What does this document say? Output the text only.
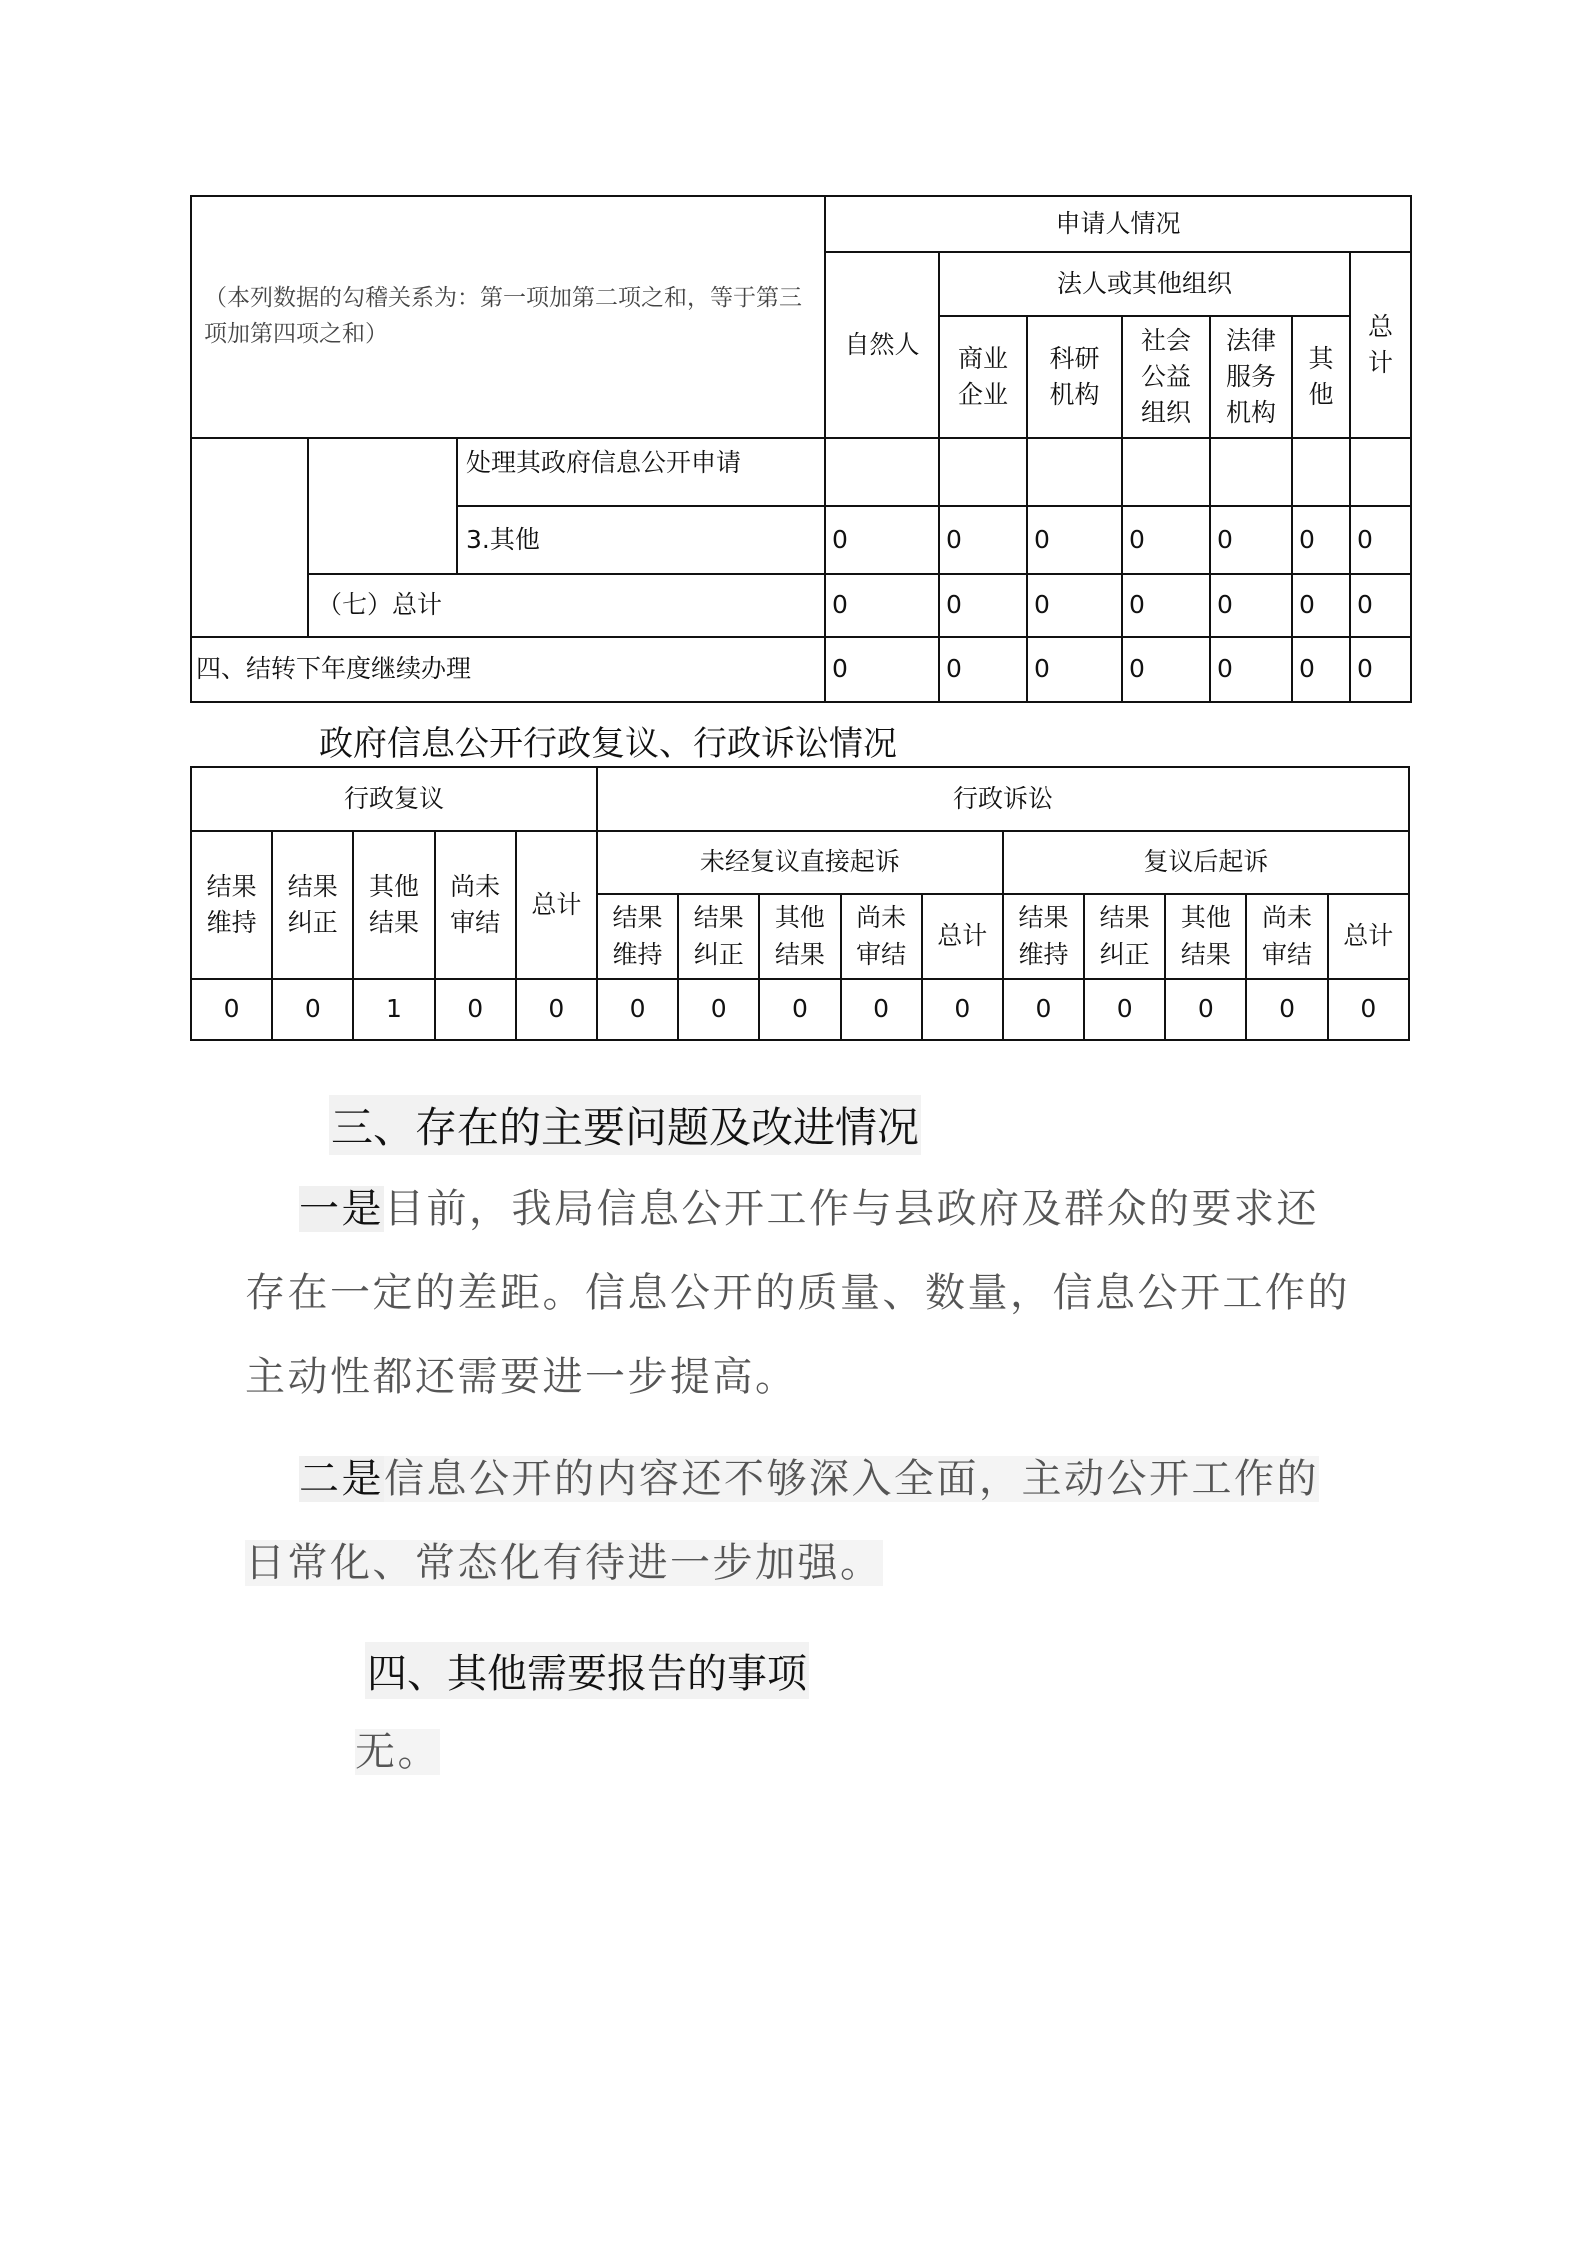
（本列数据的勾稽关系为：第一项加第二项之和，等于第三项加第四项之和）			申请人情况						
			自然人	法人或其他组织					总计
				商业企业	科研机构	社会公益组织	法律服务机构	其他	
		处理其政府信息公开申请							
		3.其他	0	0	0	0	0	0	0
	（七）总计		0	0	0	0	0	0	0
四、结转下年度继续办理			0	0	0	0	0	0	0
政府信息公开行政复议、行政诉讼情况
行政复议					行政诉讼									
结果维持	结果纠正	其他结果	尚未审结	总计	未经复议直接起诉					复议后起诉				
					结果维持	结果纠正	其他结果	尚未审结	总计	结果维持	结果纠正	其他结果	尚未审结	总计
0	0	1	0	0	0	0	0	0	0	0	0	0	0	0
三、存在的主要问题及改进情况
一是目前，我局信息公开工作与县政府及群众的要求还存在一定的差距。信息公开的质量、数量，信息公开工作的主动性都还需要进一步提高。
二是信息公开的内容还不够深入全面，主动公开工作的日常化、常态化有待进一步加强。
四、其他需要报告的事项
无。
